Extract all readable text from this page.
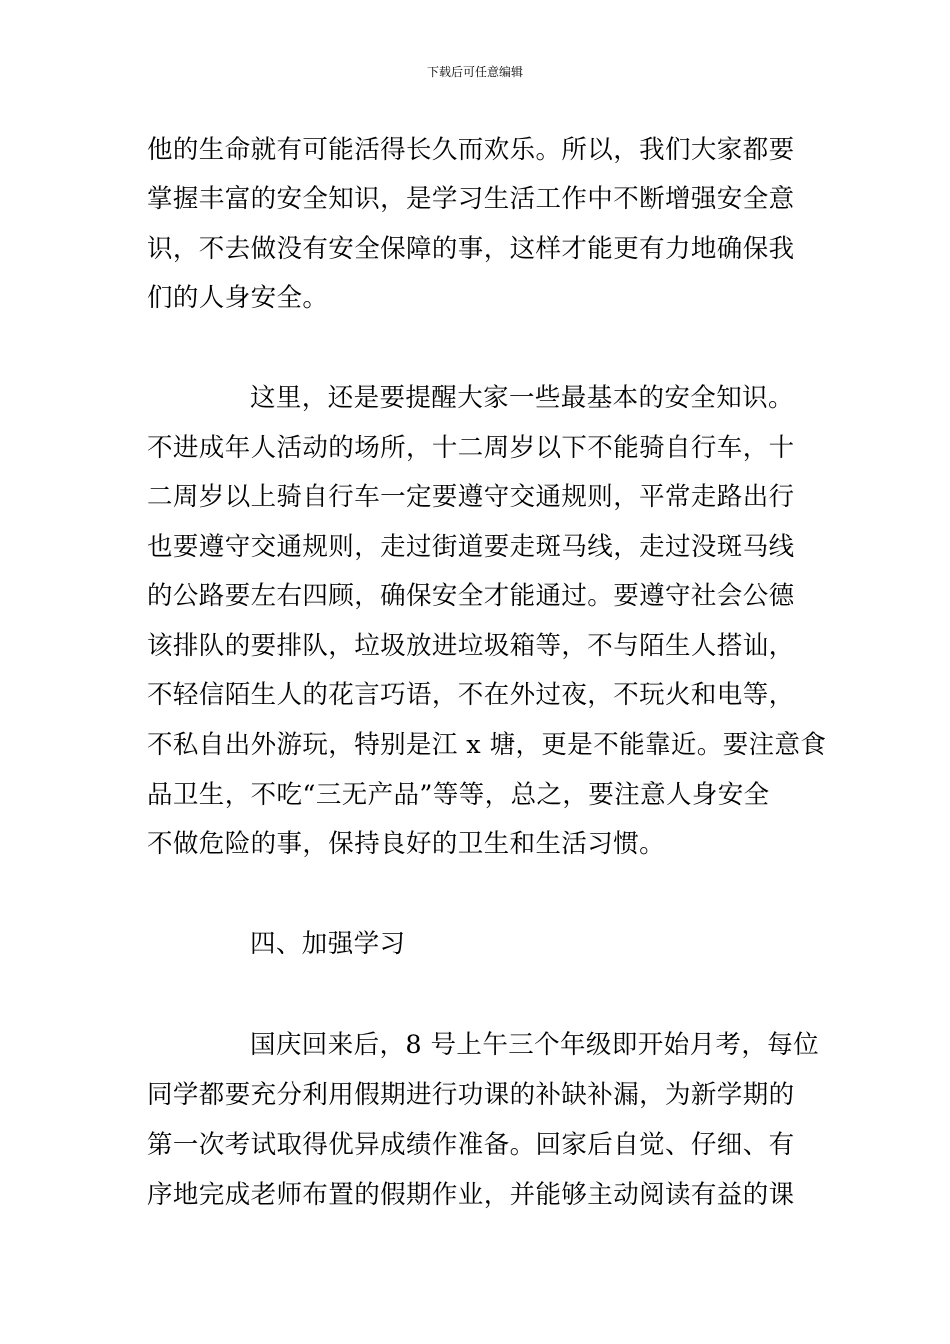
下载后可任意编辑
他的生命就有可能活得长久而欢乐。所以，我们大家都要
掌握丰富的安全知识，是学习生活工作中不断增强安全意
识，不去做没有安全保障的事，这样才能更有力地确保我
们的人身安全。
这里，还是要提醒大家一些最基本的安全知识。
不进成年人活动的场所，十二周岁以下不能骑自行车，十
二周岁以上骑自行车一定要遵守交通规则，平常走路出行
也要遵守交通规则，走过街道要走斑马线，走过没斑马线
的公路要左右四顾，确保安全才能通过。要遵守社会公德
该排队的要排队，垃圾放进垃圾箱等，不与陌生人搭讪，
不轻信陌生人的花言巧语，不在外过夜，不玩火和电等，
不私自出外游玩，特别是江 x 塘，更是不能靠近。要注意食
品卫生，不吃“三无产品”等等，总之，要注意人身安全
不做危险的事，保持良好的卫生和生活习惯。
四、加强学习
国庆回来后，8 号上午三个年级即开始月考，每位
同学都要充分利用假期进行功课的补缺补漏，为新学期的
第一次考试取得优异成绩作准备。回家后自觉、仔细、有
序地完成老师布置的假期作业，并能够主动阅读有益的课
